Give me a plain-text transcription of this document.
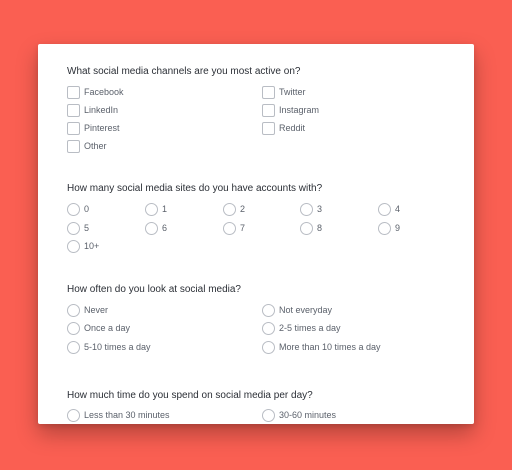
What social media channels are you most active on?
Facebook	Twitter
LinkedIn	Instagram
Pinterest	Reddit
Other
How many social media sites do you have accounts with?
0	1	2	3	4
5	6	7	8	9
10+
How often do you look at social media?
Never	Not everyday
Once a day	2-5 times a day
5-10 times a day	More than 10 times a day
How much time do you spend on social media per day?
Less than 30 minutes	30-60 minutes
